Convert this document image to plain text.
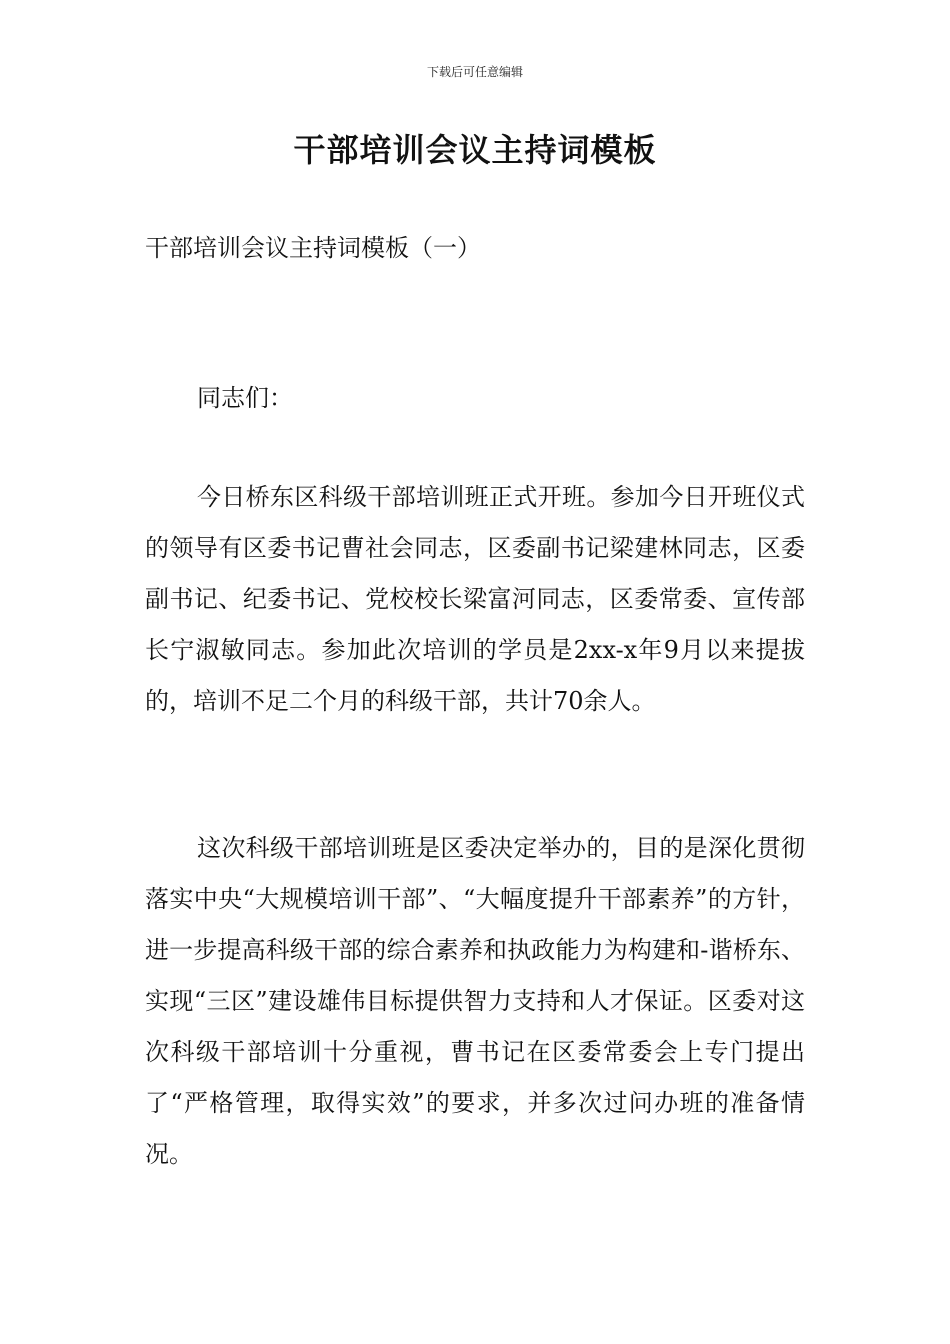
下载后可任意编辑
干部培训会议主持词模板

干部培训会议主持词模板（一）

同志们：

今日桥东区科级干部培训班正式开班。参加今日开班仪式的领导有区委书记曹社会同志，区委副书记梁建林同志，区委副书记、纪委书记、党校校长梁富河同志，区委常委、宣传部长宁淑敏同志。参加此次培训的学员是2xx-x年9月以来提拔的，培训不足二个月的科级干部，共计70余人。

这次科级干部培训班是区委决定举办的，目的是深化贯彻落实中央“大规模培训干部”、“大幅度提升干部素养”的方针，进一步提高科级干部的综合素养和执政能力为构建和-谐桥东、实现“三区”建设雄伟目标提供智力支持和人才保证。区委对这次科级干部培训十分重视，曹书记在区委常委会上专门提出了“严格管理，取得实效”的要求，并多次过问办班的准备情况。
